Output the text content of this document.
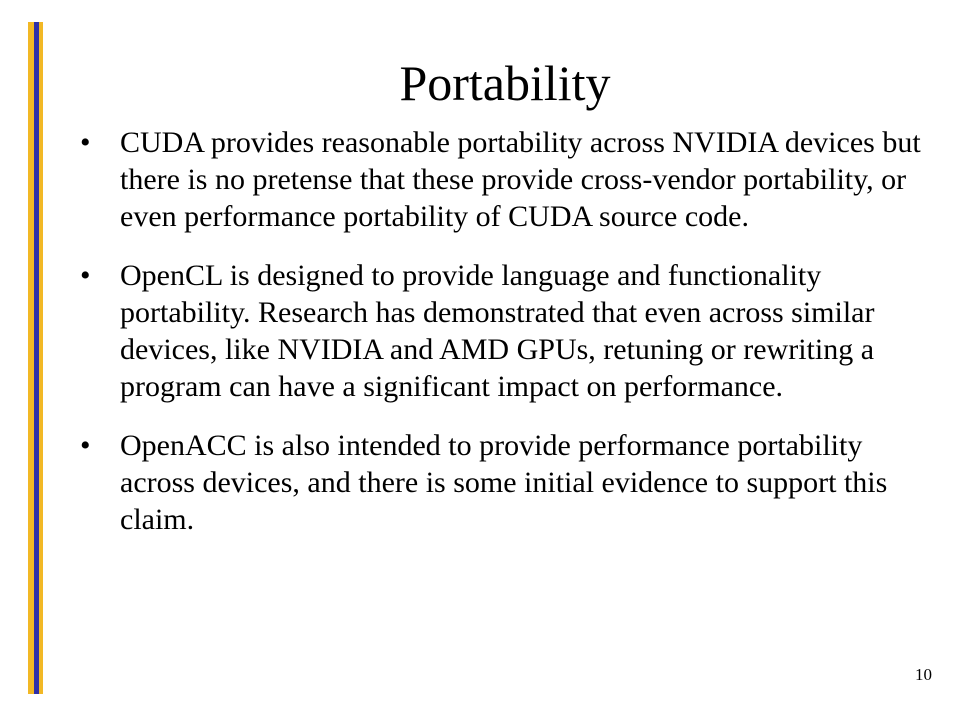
Portability
• CUDA provides reasonable portability across NVIDIA devices but there is no pretense that these provide cross-vendor portability, or even performance portability of CUDA source code.
• OpenCL is designed to provide language and functionality portability. Research has demonstrated that even across similar devices, like NVIDIA and AMD GPUs, retuning or rewriting a program can have a significant impact on performance.
• OpenACC is also intended to provide performance portability across devices, and there is some initial evidence to support this claim.
10
